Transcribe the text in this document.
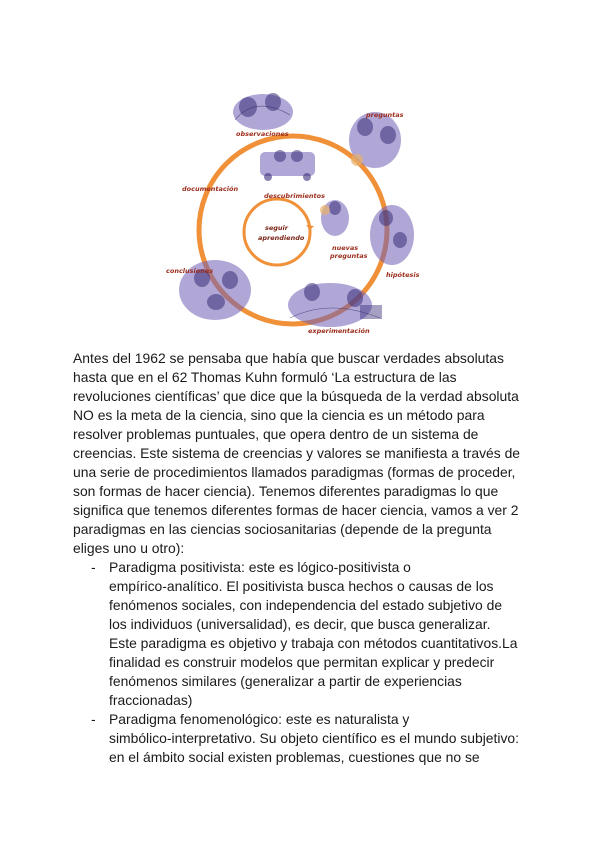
observaciones
preguntas
documentación
descubrimientos
seguir
aprendiendo
nuevas
preguntas
conclusiones	hipótesis
experimentación

Antes del 1962 se pensaba que había que buscar verdades absolutas
hasta que en el 62 Thomas Kuhn formuló ‘La estructura de las
revoluciones científicas’ que dice que la búsqueda de la verdad absoluta
NO es la meta de la ciencia, sino que la ciencia es un método para
resolver problemas puntuales, que opera dentro de un sistema de
creencias. Este sistema de creencias y valores se manifiesta a través de
una serie de procedimientos llamados paradigmas (formas de proceder,
son formas de hacer ciencia). Tenemos diferentes paradigmas lo que
significa que tenemos diferentes formas de hacer ciencia, vamos a ver 2
paradigmas en las ciencias sociosanitarias (depende de la pregunta
eliges uno u otro):

- Paradigma positivista: este es lógico-positivista o
empírico-analítico. El positivista busca hechos o causas de los
fenómenos sociales, con independencia del estado subjetivo de
los individuos (universalidad), es decir, que busca generalizar.
Este paradigma es objetivo y trabaja con métodos cuantitativos.La
finalidad es construir modelos que permitan explicar y predecir
fenómenos similares (generalizar a partir de experiencias
fraccionadas)
- Paradigma fenomenológico: este es naturalista y
simbólico-interpretativo. Su objeto científico es el mundo subjetivo:
en el ámbito social existen problemas, cuestiones que no se
